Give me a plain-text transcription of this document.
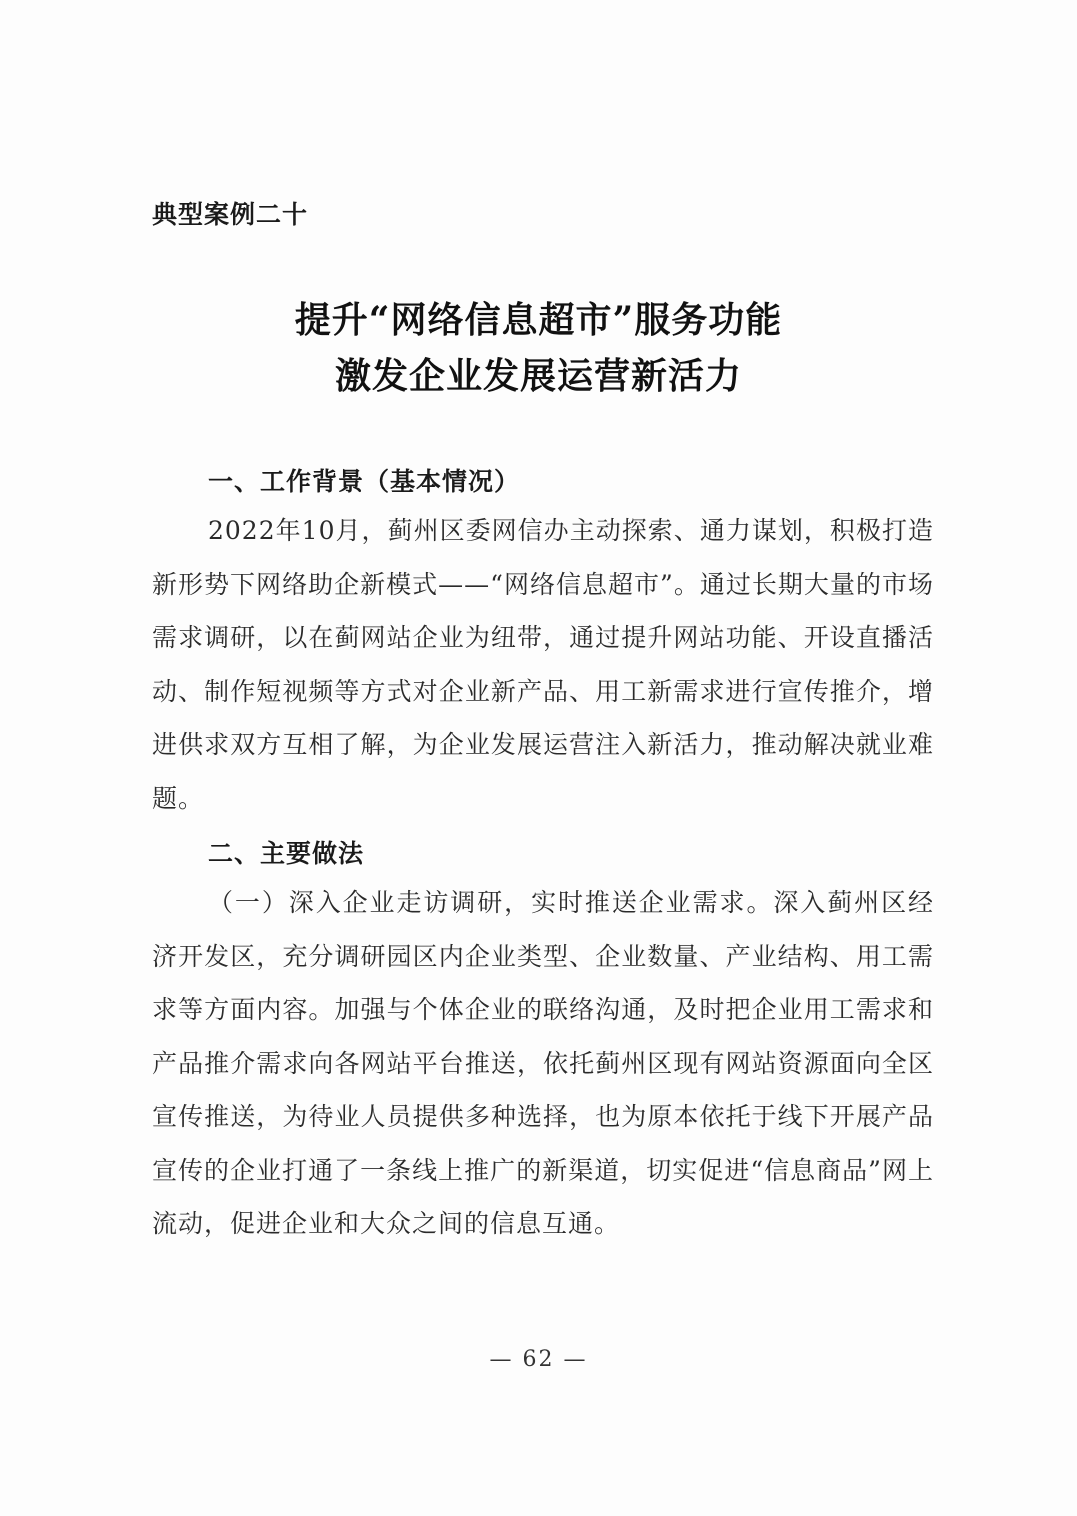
典型案例二十
提升“网络信息超市”服务功能
激发企业发展运营新活力
一、工作背景（基本情况）

2022年10月，蓟州区委网信办主动探索、通力谋划，积极打造新形势下网络助企新模式——“网络信息超市”。通过长期大量的市场需求调研，以在蓟网站企业为纽带，通过提升网站功能、开设直播活动、制作短视频等方式对企业新产品、用工新需求进行宣传推介，增进供求双方互相了解，为企业发展运营注入新活力，推动解决就业难题。

二、主要做法

（一）深入企业走访调研，实时推送企业需求。深入蓟州区经济开发区，充分调研园区内企业类型、企业数量、产业结构、用工需求等方面内容。加强与个体企业的联络沟通，及时把企业用工需求和产品推介需求向各网站平台推送，依托蓟州区现有网站资源面向全区宣传推送，为待业人员提供多种选择，也为原本依托于线下开展产品宣传的企业打通了一条线上推广的新渠道，切实促进“信息商品”网上流动，促进企业和大众之间的信息互通。

— 62 —
